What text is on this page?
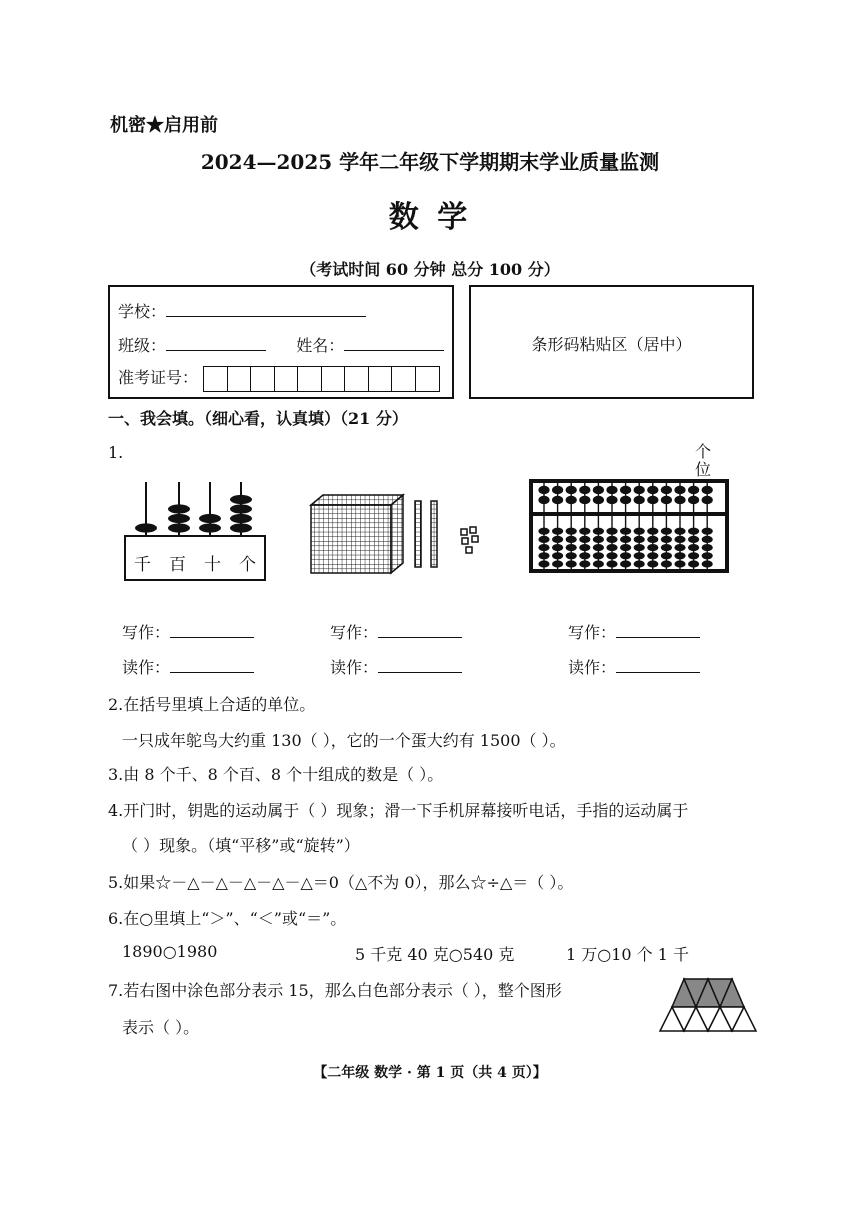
机密★启用前
2024—2025 学年二年级下学期期末学业质量监测
数 学
（考试时间 60 分钟 总分 100 分）
学校：
班级：	姓名：
准考证号：
条形码粘贴区（居中）
一、我会填。（细心看，认真填）（21 分）
1.
千 百 十 个
个
位
写作：	写作：	写作：
读作：	读作：	读作：
2.在括号里填上合适的单位。
一只成年鸵鸟大约重 130（ ），它的一个蛋大约有 1500（ ）。
3.由 8 个千、8 个百、8 个十组成的数是（ ）。
4.开门时，钥匙的运动属于（ ）现象；滑一下手机屏幕接听电话，手指的运动属于
（ ）现象。（填“平移”或“旋转”）
5.如果☆－△－△－△－△－△＝0（△不为 0），那么☆÷△＝（ ）。
6.在○里填上“＞”、“＜”或“＝”。
1890○1980	5 千克 40 克○540 克	1 万○10 个 1 千
7.若右图中涂色部分表示 15，那么白色部分表示（ ），整个图形
表示（ ）。
【二年级 数学 · 第 1 页（共 4 页）】
